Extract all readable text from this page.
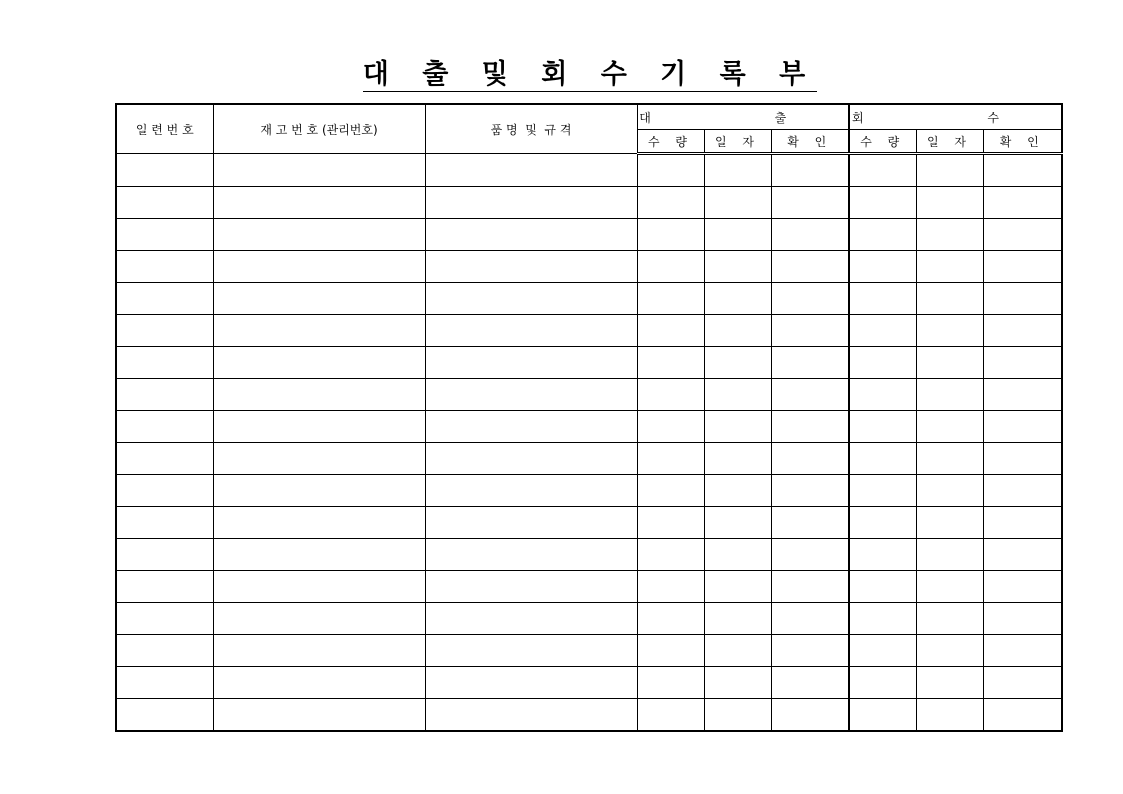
대 출 및 회 수 기 록 부
일 련 번 호	재 고 번 호 (관리번호)	품 명  및  규 격	대 출			회 수		
			수 량	일 자	확 인	수 량	일 자	확 인
